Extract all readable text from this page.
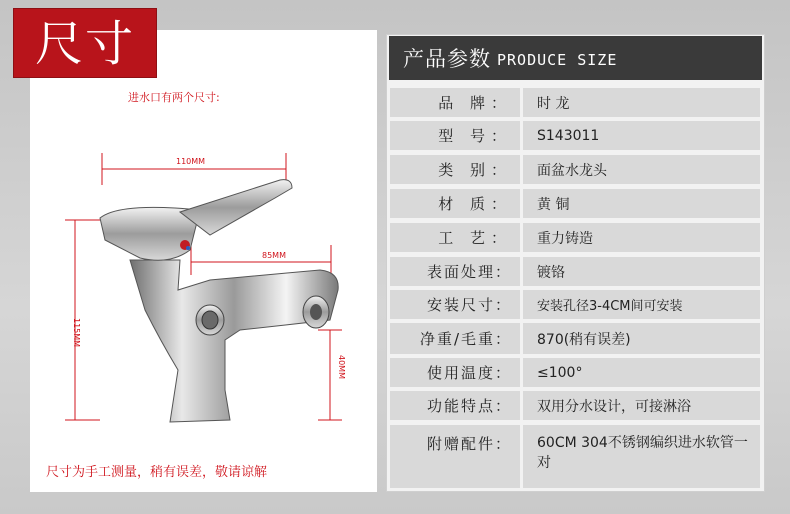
尺寸
进水口有两个尺寸:
110MM
85MM
115MM
40MM
尺寸为手工测量，稍有误差，敬请谅解
产品参数 PRODUCE SIZE
品 牌：	时 龙
型 号：	S143011
类 别：	面盆水龙头
材 质：	黄 铜
工 艺：	重力铸造
表面处理：	镀铬
安装尺寸：	安装孔径3-4CM间可安装
净重/毛重：	870(稍有误差)
使用温度：	≤100°
功能特点：	双用分水设计，可接淋浴
附赠配件：	60CM 304不锈钢编织进水软管一对
